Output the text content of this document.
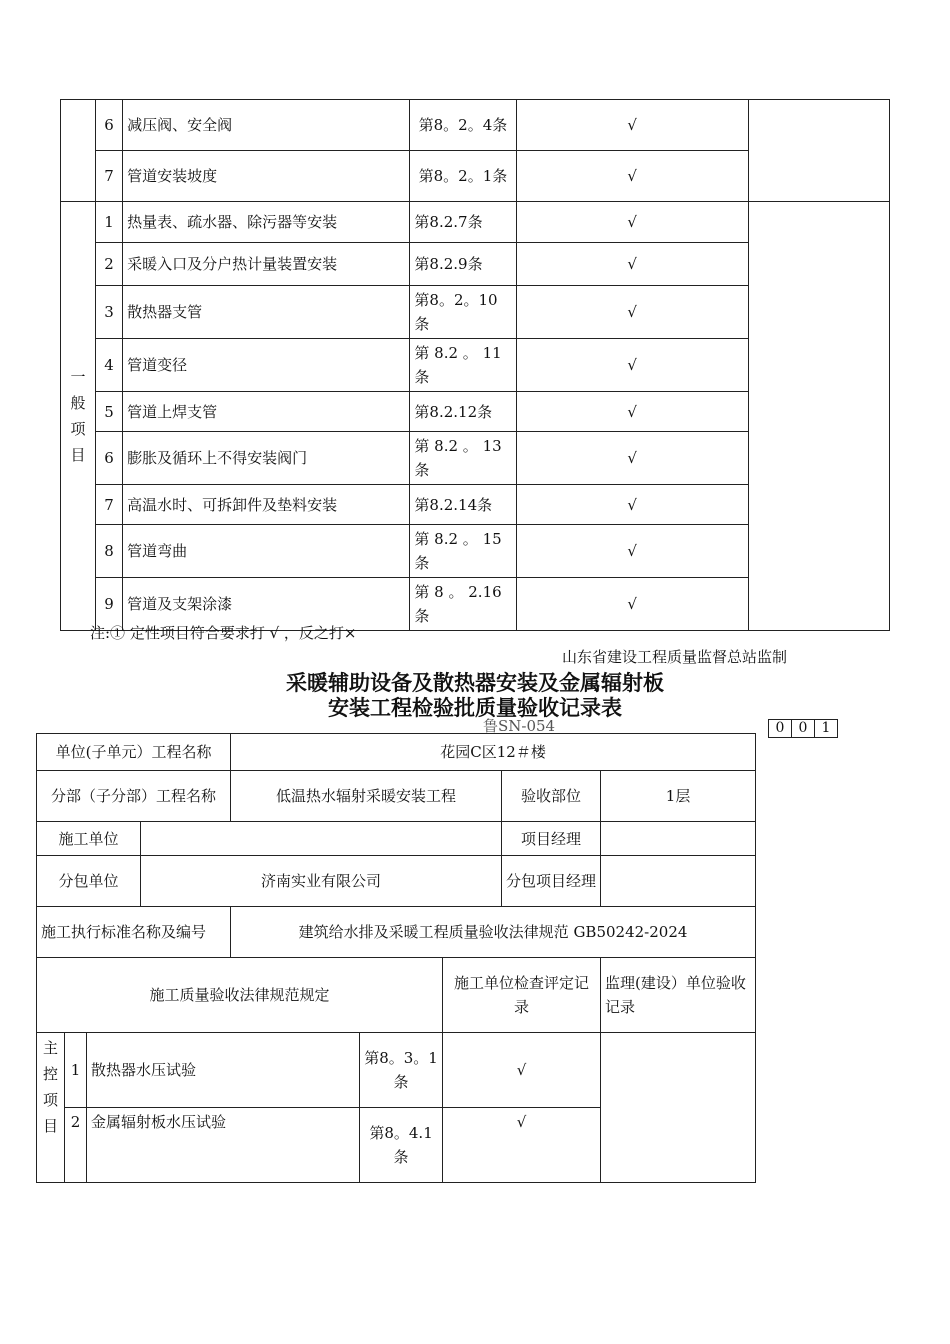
	6	减压阀、安全阀	第8。2。4条	√	
	7	管道安装坡度	第8。2。1条	√	

一般项目	1	热量表、疏水器、除污器等安装	第8.2.7条	√	
	2	采暖入口及分户热计量装置安装	第8.2.9条	√	
	3	散热器支管	第8。2。10条	√	
	4	管道变径	第 8.2 。 11条	√	
	5	管道上焊支管	第8.2.12条	√	
	6	膨胀及循环上不得安装阀门	第 8.2 。 13条	√	
	7	高温水时、可拆卸件及垫料安装	第8.2.14条	√	
	8	管道弯曲	第 8.2 。 15条	√	
	9	管道及支架涂漆	第 8 。 2.16条	√	
注:① 定性项目符合要求打 √ ，反之打×
山东省建设工程质量监督总站监制
采暖辅助设备及散热器安装及金属辐射板
安装工程检验批质量验收记录表
鲁SN-054	0	0	1
单位(子单元）工程名称				花园C区12＃楼				
分部（子分部）工程名称				低温热水辐射采暖安装工程			验收部位	1层
施工单位							项目经理	
分包单位			济南实业有限公司				分包项目经理	
施工执行标准名称及编号				建筑给水排及采暖工程质量验收法律规范 GB50242-2024				
施工质量验收法律规范规定						施工单位检查评定记录		监理(建设）单位验收记录

主控项目	1	散热器水压试验			第8。3。1条	√		
	2	金属辐射板水压试验			第8。4.1条	√		
